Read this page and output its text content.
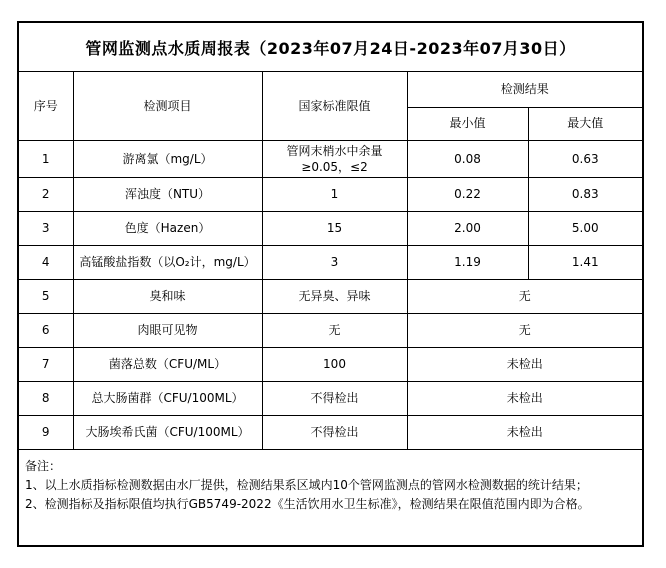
管网监测点水质周报表（2023年07月24日-2023年07月30日）
序号	检测项目	国家标准限值	检测结果	
			最小值	最大值
1	游离氯（mg/L）	管网末梢水中余量≥0.05，≤2	0.08	0.63
2	浑浊度（NTU）	1	0.22	0.83
3	色度（Hazen）	15	2.00	5.00
4	高锰酸盐指数（以O₂计，mg/L）	3	1.19	1.41
5	臭和味	无异臭、异味	无	
6	肉眼可见物	无	无	
7	菌落总数（CFU/ML）	100	未检出	
8	总大肠菌群（CFU/100ML）	不得检出	未检出	
9	大肠埃希氏菌（CFU/100ML）	不得检出	未检出	
备注：
1、以上水质指标检测数据由水厂提供，检测结果系区域内10个管网监测点的管网水检测数据的统计结果；
2、检测指标及指标限值均执行GB5749-2022《生活饮用水卫生标准》，检测结果在限值范围内即为合格。
